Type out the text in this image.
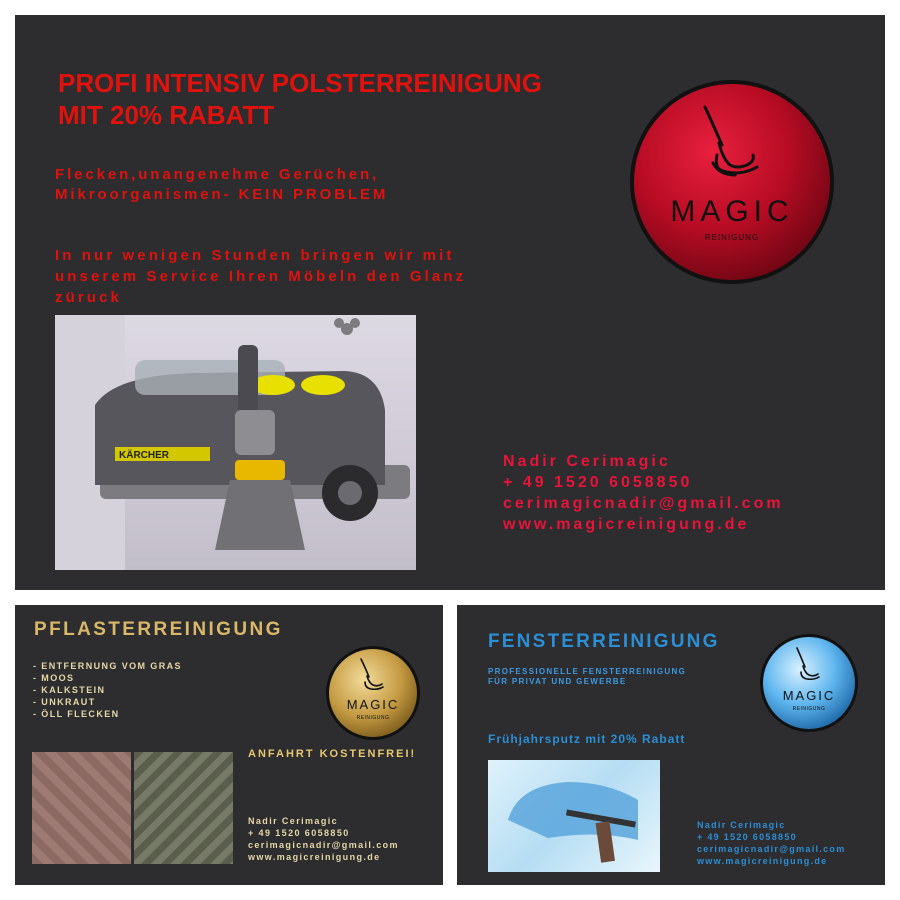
PROFI INTENSIV POLSTERREINIGUNG
MIT 20% RABATT
Flecken,unangenehme Gerüchen,
Mikroorganismen- KEIN PROBLEM
In nur wenigen Stunden bringen wir mit
unserem Service Ihren Möbeln den Glanz
züruck
MAGIC
REINIGUNG
KÄRCHER	Nadir Cerimagic
+ 49 1520 6058850
cerimagicnadir@gmail.com
www.magicreinigung.de
PFLASTERREINIGUNG
- ENTFERNUNG VOM GRAS
- MOOS
- KALKSTEIN
- UNKRAUT
- ÖLL FLECKEN
MAGIC
REINIGUNG
ANFAHRT KOSTENFREI!
Nadir Cerimagic
+ 49 1520 6058850
cerimagicnadir@gmail.com
www.magicreinigung.de
FENSTERREINIGUNG
PROFESSIONELLE FENSTERREINIGUNG
FÜR PRIVAT UND GEWERBE
MAGIC
REINIGUNG
Frühjahrsputz mit 20% Rabatt
Nadir Cerimagic
+ 49 1520 6058850
cerimagicnadir@gmail.com
www.magicreinigung.de
